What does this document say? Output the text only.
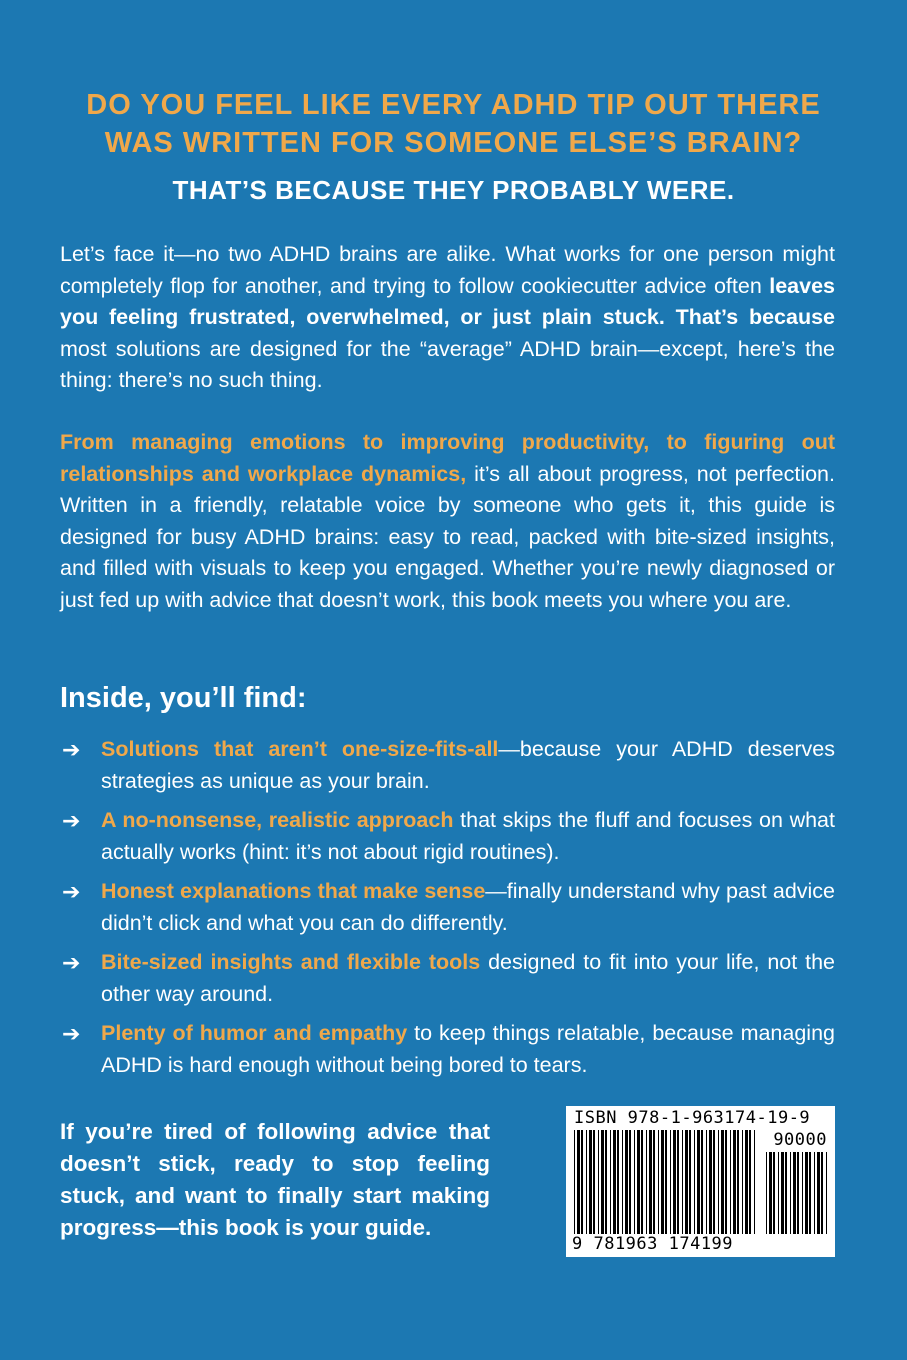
DO YOU FEEL LIKE EVERY ADHD TIP OUT THERE
WAS WRITTEN FOR SOMEONE ELSE’S BRAIN?
THAT’S BECAUSE THEY PROBABLY WERE.
Let’s face it—no two ADHD brains are alike. What works for one person might completely flop for another, and trying to follow cookiecutter advice often leaves you feeling frustrated, overwhelmed, or just plain stuck. That’s because most solutions are designed for the “average” ADHD brain—except, here’s the thing: there’s no such thing.
From managing emotions to improving productivity, to figuring out relationships and workplace dynamics, it’s all about progress, not perfection. Written in a friendly, relatable voice by someone who gets it, this guide is designed for busy ADHD brains: easy to read, packed with bite-sized insights, and filled with visuals to keep you engaged. Whether you’re newly diagnosed or just fed up with advice that doesn’t work, this book meets you where you are.
Inside, you’ll find:
➔ Solutions that aren’t one-size-fits-all—because your ADHD deserves strategies as unique as your brain.
➔ A no-nonsense, realistic approach that skips the fluff and focuses on what actually works (hint: it’s not about rigid routines).
➔ Honest explanations that make sense—finally understand why past advice didn’t click and what you can do differently.
➔ Bite-sized insights and flexible tools designed to fit into your life, not the other way around.
➔ Plenty of humor and empathy to keep things relatable, because managing ADHD is hard enough without being bored to tears.
If you’re tired of following advice that doesn’t stick, ready to stop feeling stuck, and want to finally start making progress—this book is your guide.
ISBN 978-1-963174-19-9
90000
9 781963 174199
